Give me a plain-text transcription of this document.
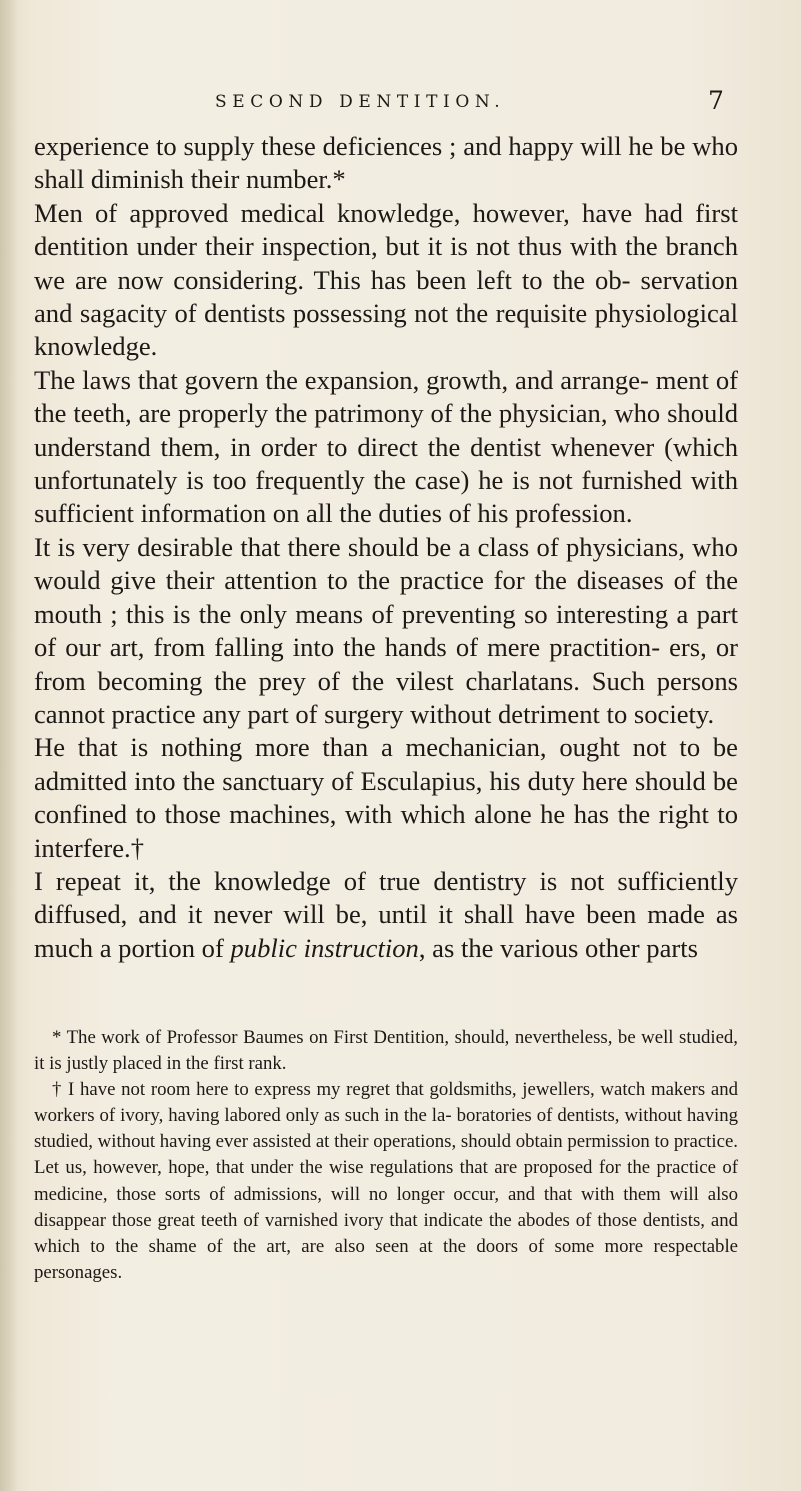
SECOND DENTITION.	7

experience to supply these deficiences ; and happy will he be who shall diminish their number.*

Men of approved medical knowledge, however, have had first dentition under their inspection, but it is not thus with the branch we are now considering. This has been left to the ob- servation and sagacity of dentists possessing not the requisite physiological knowledge.

The laws that govern the expansion, growth, and arrange- ment of the teeth, are properly the patrimony of the physician, who should understand them, in order to direct the dentist whenever (which unfortunately is too frequently the case) he is not furnished with sufficient information on all the duties of his profession.

It is very desirable that there should be a class of physicians, who would give their attention to the practice for the diseases of the mouth ; this is the only means of preventing so interesting a part of our art, from falling into the hands of mere practition- ers, or from becoming the prey of the vilest charlatans. Such persons cannot practice any part of surgery without detriment to society.

He that is nothing more than a mechanician, ought not to be admitted into the sanctuary of Esculapius, his duty here should be confined to those machines, with which alone he has the right to interfere.†

I repeat it, the knowledge of true dentistry is not sufficiently diffused, and it never will be, until it shall have been made as much a portion of public instruction, as the various other parts

* The work of Professor Baumes on First Dentition, should, nevertheless, be well studied, it is justly placed in the first rank.

† I have not room here to express my regret that goldsmiths, jewellers, watch makers and workers of ivory, having labored only as such in the la- boratories of dentists, without having studied, without having ever assisted at their operations, should obtain permission to practice. Let us, however, hope, that under the wise regulations that are proposed for the practice of medicine, those sorts of admissions, will no longer occur, and that with them will also disappear those great teeth of varnished ivory that indicate the abodes of those dentists, and which to the shame of the art, are also seen at the doors of some more respectable personages.
